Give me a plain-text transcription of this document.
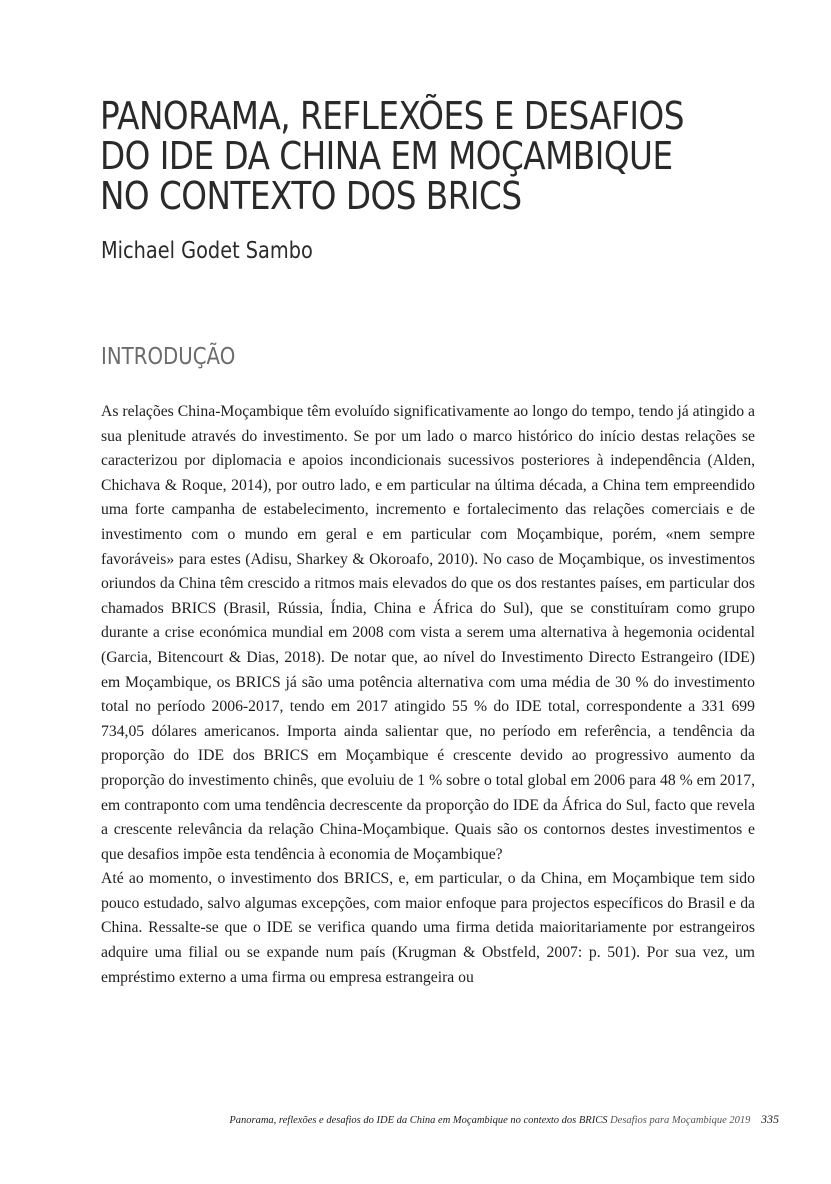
PANORAMA, REFLEXÕES E DESAFIOS
DO IDE DA CHINA EM MOÇAMBIQUE
NO CONTEXTO DOS BRICS
Michael Godet Sambo
INTRODUÇÃO

As relações China-Moçambique têm evoluído significativamente ao longo do tempo, tendo já atingido a sua plenitude através do investimento. Se por um lado o marco histórico do início destas relações se caracterizou por diplomacia e apoios incondicionais sucessivos posteriores à independência (Alden, Chichava & Roque, 2014), por outro lado, e em particular na última década, a China tem empreendido uma forte campanha de estabelecimento, incremento e fortalecimento das relações comerciais e de investimento com o mundo em geral e em particular com Moçambique, porém, «nem sempre favoráveis» para estes (Adisu, Sharkey & Okoroafo, 2010). No caso de Moçambique, os investimentos oriundos da China têm crescido a ritmos mais elevados do que os dos restantes países, em particular dos chamados BRICS (Brasil, Rússia, Índia, China e África do Sul), que se constituíram como grupo durante a crise económica mundial em 2008 com vista a serem uma alternativa à hegemonia ocidental (Garcia, Bitencourt & Dias, 2018). De notar que, ao nível do Investimento Directo Estrangeiro (IDE) em Moçambique, os BRICS já são uma potência alternativa com uma média de 30 % do investimento total no período 2006-2017, tendo em 2017 atingido 55 % do IDE total, correspondente a 331 699 734,05 dólares americanos. Importa ainda salientar que, no período em referência, a tendência da proporção do IDE dos BRICS em Moçambique é crescente devido ao progressivo aumento da proporção do investimento chinês, que evoluiu de 1 % sobre o total global em 2006 para 48 % em 2017, em contraponto com uma tendência decrescente da proporção do IDE da África do Sul, facto que revela a crescente relevância da relação China-Moçambique. Quais são os contornos destes investimentos e que desafios impõe esta tendência à economia de Moçambique?

Até ao momento, o investimento dos BRICS, e, em particular, o da China, em Moçambique tem sido pouco estudado, salvo algumas excepções, com maior enfoque para projectos específicos do Brasil e da China. Ressalte-se que o IDE se verifica quando uma firma detida maioritariamente por estrangeiros adquire uma filial ou se expande num país (Krugman & Obstfeld, 2007: p. 501). Por sua vez, um empréstimo externo a uma firma ou empresa estrangeira ou

Panorama, reflexões e desafios do IDE da China em Moçambique no contexto dos BRICS Desafios para Moçambique 2019 335
